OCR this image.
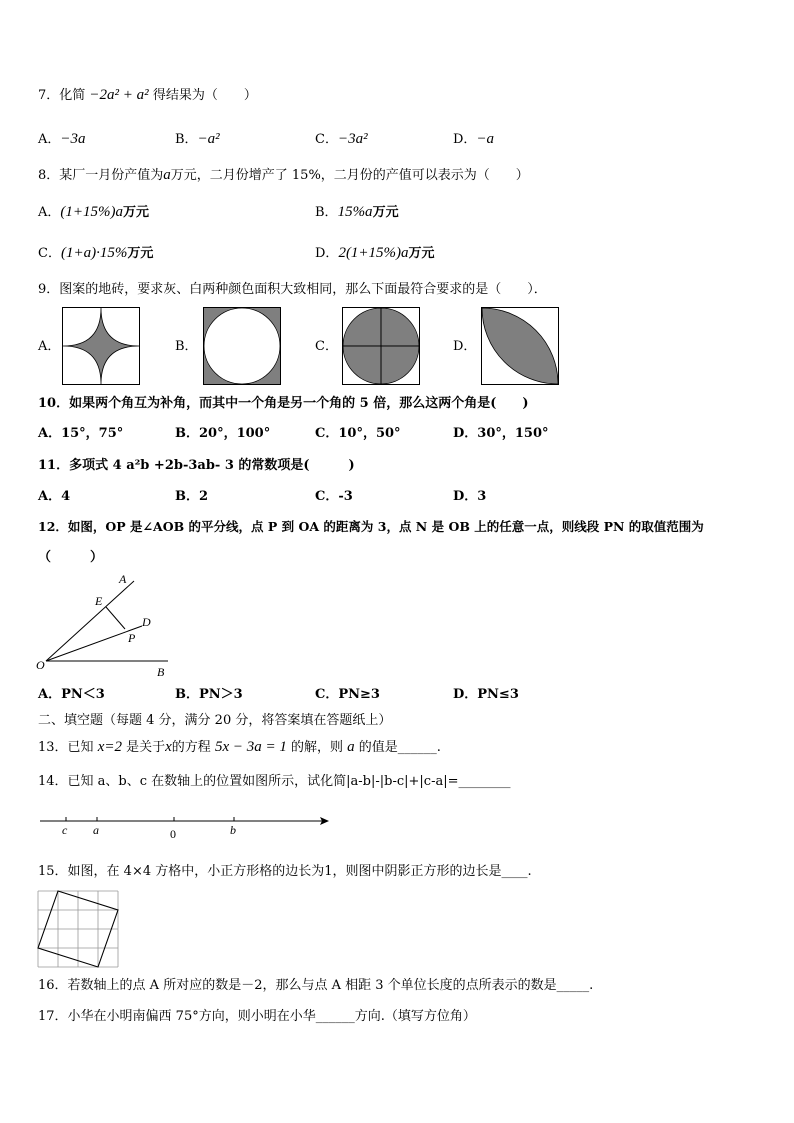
7．化简 −2a² + a² 得结果为（　　）
A．−3a	B．−a²	C．−3a²	D．−a
8．某厂一月份产值为a万元，二月份增产了 15%，二月份的产值可以表示为（　　）
A．(1+15%)a万元	B．15%a万元
C．(1+a)·15%万元	D．2(1+15%)a万元
9．图案的地砖，要求灰、白两种颜色面积大致相同，那么下面最符合要求的是（　　）．
A．	B．	C．	D．
10．如果两个角互为补角，而其中一个角是另一个角的 5 倍，那么这两个角是(　　)
A．15°，75°	B．20°，100°	C．10°，50°	D．30°，150°
11．多项式 4 a²b +2b-3ab- 3 的常数项是(　　　)
A．4	B．2	C．-3	D．3
12．如图，OP 是∠AOB 的平分线，点 P 到 OA 的距离为 3，点 N 是 OB 上的任意一点，则线段 PN 的取值范围为
（　　　）
A
E
D
P
O	B
A．PN＜3	B．PN＞3	C．PN≥3	D．PN≤3
二、填空题（每题 4 分，满分 20 分，将答案填在答题纸上）
13．已知 x=2 是关于x的方程 5x − 3a = 1 的解，则 a 的值是______.
14．已知 a、b、c 在数轴上的位置如图所示，试化简|a-b|-|b-c|+|c-a|=________
c a	0	b
15．如图，在 4×4 方格中，小正方形格的边长为1，则图中阴影正方形的边长是____.
16．若数轴上的点 A 所对应的数是－2，那么与点 A 相距 3 个单位长度的点所表示的数是_____.
17．小华在小明南偏西 75°方向，则小明在小华______方向.（填写方位角）
